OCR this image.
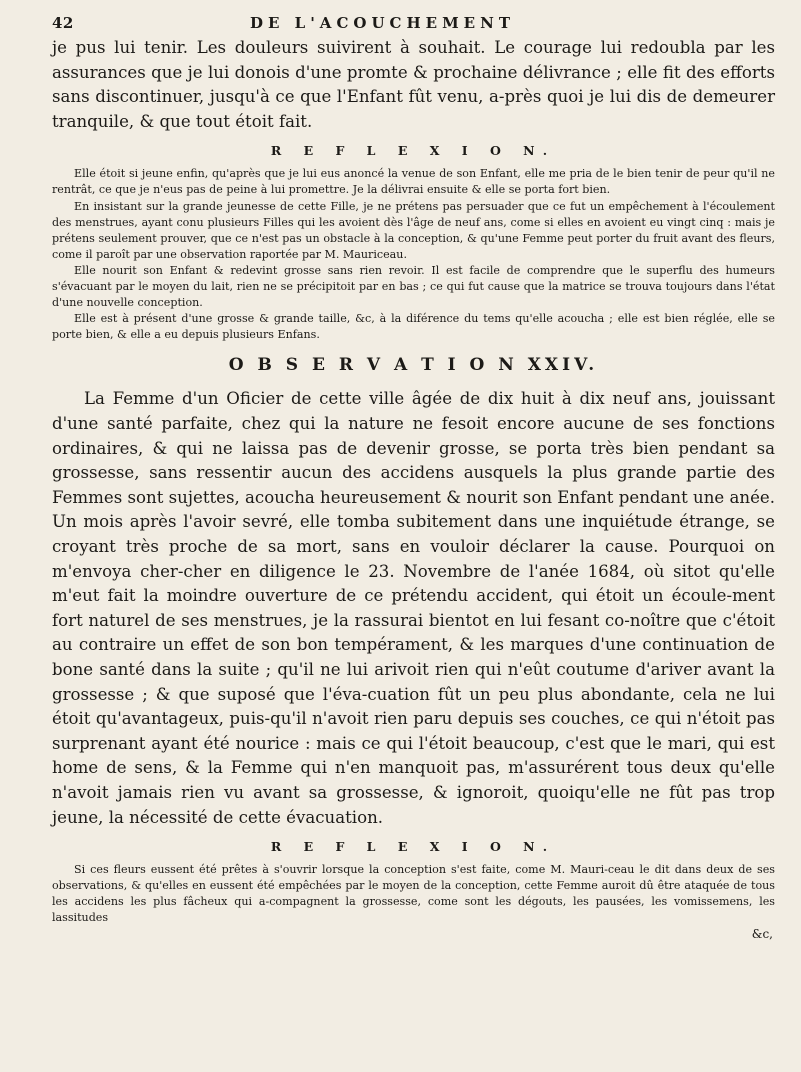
42	DE L'ACOUCHEMENT

je pus lui tenir. Les douleurs suivirent à souhait. Le courage lui redoubla par les assurances que je lui donois d'une promte & prochaine délivrance ; elle fit des efforts sans discontinuer, jusqu'à ce que l'Enfant fût venu, a-près quoi je lui dis de demeurer tranquile, & que tout étoit fait.

R E F L E X I O N.

Elle étoit si jeune enfin, qu'après que je lui eus anoncé la venue de son Enfant, elle me pria de le bien tenir de peur qu'il ne rentrât, ce que je n'eus pas de peine à lui promettre. Je la délivrai ensuite & elle se porta fort bien.

En insistant sur la grande jeunesse de cette Fille, je ne prétens pas persuader que ce fut un empêchement à l'écoulement des menstrues, ayant conu plusieurs Filles qui les avoient dès l'âge de neuf ans, come si elles en avoient eu vingt cinq : mais je prétens seulement prouver, que ce n'est pas un obstacle à la conception, & qu'une Femme peut porter du fruit avant des fleurs, come il paroît par une observation raportée par M. Mauriceau.

Elle nourit son Enfant & redevint grosse sans rien revoir. Il est facile de comprendre que le superflu des humeurs s'évacuant par le moyen du lait, rien ne se précipitoit par en bas ; ce qui fut cause que la matrice se trouva toujours dans l'état d'une nouvelle conception.

Elle est à présent d'une grosse & grande taille, &c, à la diférence du tems qu'elle acoucha ; elle est bien réglée, elle se porte bien, & elle a eu depuis plusieurs Enfans.

O B S E R V A T I O N XXIV.

La Femme d'un Oficier de cette ville âgée de dix huit à dix neuf ans, jouissant d'une santé parfaite, chez qui la nature ne fesoit encore aucune de ses fonctions ordinaires, & qui ne laissa pas de devenir grosse, se porta très bien pendant sa grossesse, sans ressentir aucun des accidens ausquels la plus grande partie des Femmes sont sujettes, acoucha heureusement & nourit son Enfant pendant une anée. Un mois après l'avoir sevré, elle tomba subitement dans une inquiétude étrange, se croyant très proche de sa mort, sans en vouloir déclarer la cause. Pourquoi on m'envoya cher-cher en diligence le 23. Novembre de l'anée 1684, où sitot qu'elle m'eut fait la moindre ouverture de ce prétendu accident, qui étoit un écoule-ment fort naturel de ses menstrues, je la rassurai bientot en lui fesant co-noître que c'étoit au contraire un effet de son bon tempérament, & les marques d'une continuation de bone santé dans la suite ; qu'il ne lui arivoit rien qui n'eût coutume d'ariver avant la grossesse ; & que suposé que l'éva-cuation fût un peu plus abondante, cela ne lui étoit qu'avantageux, puis-qu'il n'avoit rien paru depuis ses couches, ce qui n'étoit pas surprenant ayant été nourice : mais ce qui l'étoit beaucoup, c'est que le mari, qui est home de sens, & la Femme qui n'en manquoit pas, m'assurérent tous deux qu'elle n'avoit jamais rien vu avant sa grossesse, & ignoroit, quoiqu'elle ne fût pas trop jeune, la nécessité de cette évacuation.

R E F L E X I O N.

Si ces fleurs eussent été prêtes à s'ouvrir lorsque la conception s'est faite, come M. Mauri-ceau le dit dans deux de ses observations, & qu'elles en eussent été empêchées par le moyen de la conception, cette Femme auroit dû être ataquée de tous les accidens les plus fâcheux qui a-compagnent la grossesse, come sont les dégouts, les pausées, les vomissemens, les lassitudes

&c,
